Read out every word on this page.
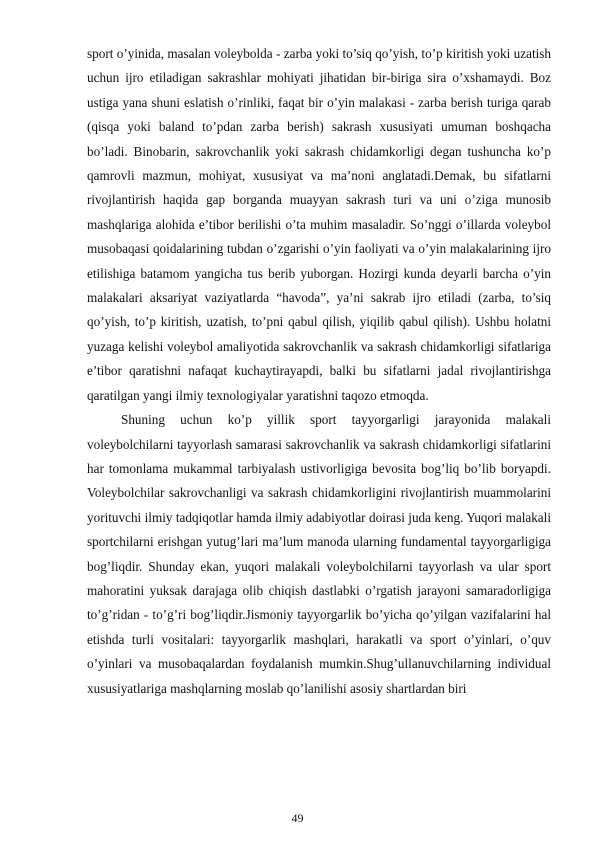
sport o’yinida, masalan voleybolda - zarba yoki to’siq qo’yish, to’p kiritish yoki uzatish uchun ijro etiladigan sakrashlar mohiyati jihatidan bir-biriga sira o’xshamaydi. Boz ustiga yana shuni eslatish o’rinliki, faqat bir o’yin malakasi - zarba berish turiga qarab (qisqa yoki baland to’pdan zarba berish) sakrash xususiyati umuman boshqacha bo’ladi. Binobarin, sakrovchanlik yoki sakrash chidamkorligi degan tushuncha ko’p qamrovli mazmun, mohiyat, xususiyat va ma’noni anglatadi.Demak, bu sifatlarni rivojlantirish haqida gap borganda muayyan sakrash turi va uni o’ziga munosib mashqlariga alohida e’tibor berilishi o’ta muhim masaladir. So’nggi o’illarda voleybol musobaqasi qoidalarining tubdan o’zgarishi o’yin faoliyati va o’yin malakalarining ijro etilishiga batamom yangicha tus berib yuborgan. Hozirgi kunda deyarli barcha o’yin malakalari aksariyat vaziyatlarda “havoda”, ya’ni sakrab ijro etiladi (zarba, to’siq qo’yish, to’p kiritish, uzatish, to’pni qabul qilish, yiqilib qabul qilish). Ushbu holatni yuzaga kelishi voleybol amaliyotida sakrovchanlik va sakrash chidamkorligi sifatlariga e’tibor qaratishni nafaqat kuchaytirayapdi, balki bu sifatlarni jadal rivojlantirishga qaratilgan yangi ilmiy texnologiyalar yaratishni taqozo etmoqda.

Shuning uchun ko’p yillik sport tayyorgarligi jarayonida malakali voleybolchilarni tayyorlash samarasi sakrovchanlik va sakrash chidamkorligi sifatlarini har tomonlama mukammal tarbiyalash ustivorligiga bevosita bog’liq bo’lib boryapdi. Voleybolchilar sakrovchanligi va sakrash chidamkorligini rivojlantirish muammolarini yorituvchi ilmiy tadqiqotlar hamda ilmiy adabiyotlar doirasi juda keng. Yuqori malakali sportchilarni erishgan yutug’lari ma’lum manoda ularning fundamental tayyorgarligiga bog’liqdir. Shunday ekan, yuqori malakali voleybolchilarni tayyorlash va ular sport mahoratini yuksak darajaga olib chiqish dastlabki o’rgatish jarayoni samaradorligiga to’g’ridan - to’g’ri bog’liqdir.Jismoniy tayyorgarlik bo’yicha qo’yilgan vazifalarini hal etishda turli vositalari: tayyorgarlik mashqlari, harakatli va sport o’yinlari, o’quv o’yinlari va musobaqalardan foydalanish mumkin.Shug’ullanuvchilarning individual xususiyatlariga mashqlarning moslab qo’lanilishi asosiy shartlardan biri

49
